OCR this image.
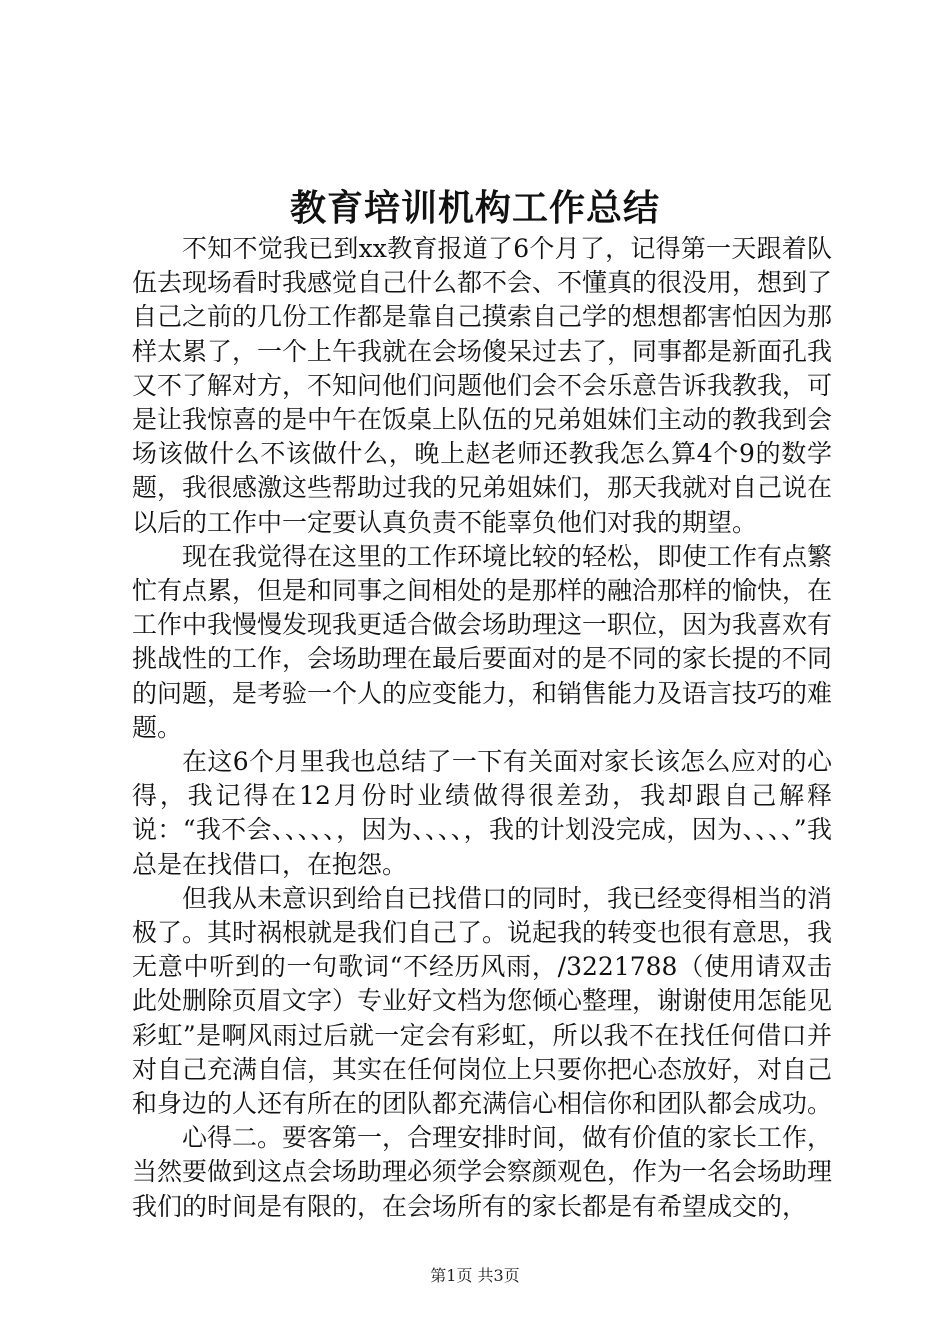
教育培训机构工作总结

不知不觉我已到xx教育报道了6个月了，记得第一天跟着队伍去现场看时我感觉自己什么都不会、不懂真的很没用，想到了自己之前的几份工作都是靠自己摸索自己学的想想都害怕因为那样太累了，一个上午我就在会场傻呆过去了，同事都是新面孔我又不了解对方，不知问他们问题他们会不会乐意告诉我教我，可是让我惊喜的是中午在饭桌上队伍的兄弟姐妹们主动的教我到会场该做什么不该做什么，晚上赵老师还教我怎么算4个9的数学题，我很感激这些帮助过我的兄弟姐妹们，那天我就对自己说在以后的工作中一定要认真负责不能辜负他们对我的期望。

现在我觉得在这里的工作环境比较的轻松，即使工作有点繁忙有点累，但是和同事之间相处的是那样的融洽那样的愉快，在工作中我慢慢发现我更适合做会场助理这一职位，因为我喜欢有挑战性的工作，会场助理在最后要面对的是不同的家长提的不同的问题，是考验一个人的应变能力，和销售能力及语言技巧的难题。

在这6个月里我也总结了一下有关面对家长该怎么应对的心得，我记得在12月份时业绩做得很差劲，我却跟自己解释说：“我不会、、、、、，因为、、、、，我的计划没完成，因为、、、、”我总是在找借口，在抱怨。

但我从未意识到给自已找借口的同时，我已经变得相当的消极了。其时祸根就是我们自己了。说起我的转变也很有意思，我无意中听到的一句歌词“不经历风雨，/3221788（使用请双击此处删除页眉文字）专业好文档为您倾心整理，谢谢使用怎能见彩虹”是啊风雨过后就一定会有彩虹，所以我不在找任何借口并对自己充满自信，其实在任何岗位上只要你把心态放好，对自己和身边的人还有所在的团队都充满信心相信你和团队都会成功。

心得二。要客第一，合理安排时间，做有价值的家长工作，当然要做到这点会场助理必须学会察颜观色，作为一名会场助理我们的时间是有限的，在会场所有的家长都是有希望成交的，

第1页 共3页
